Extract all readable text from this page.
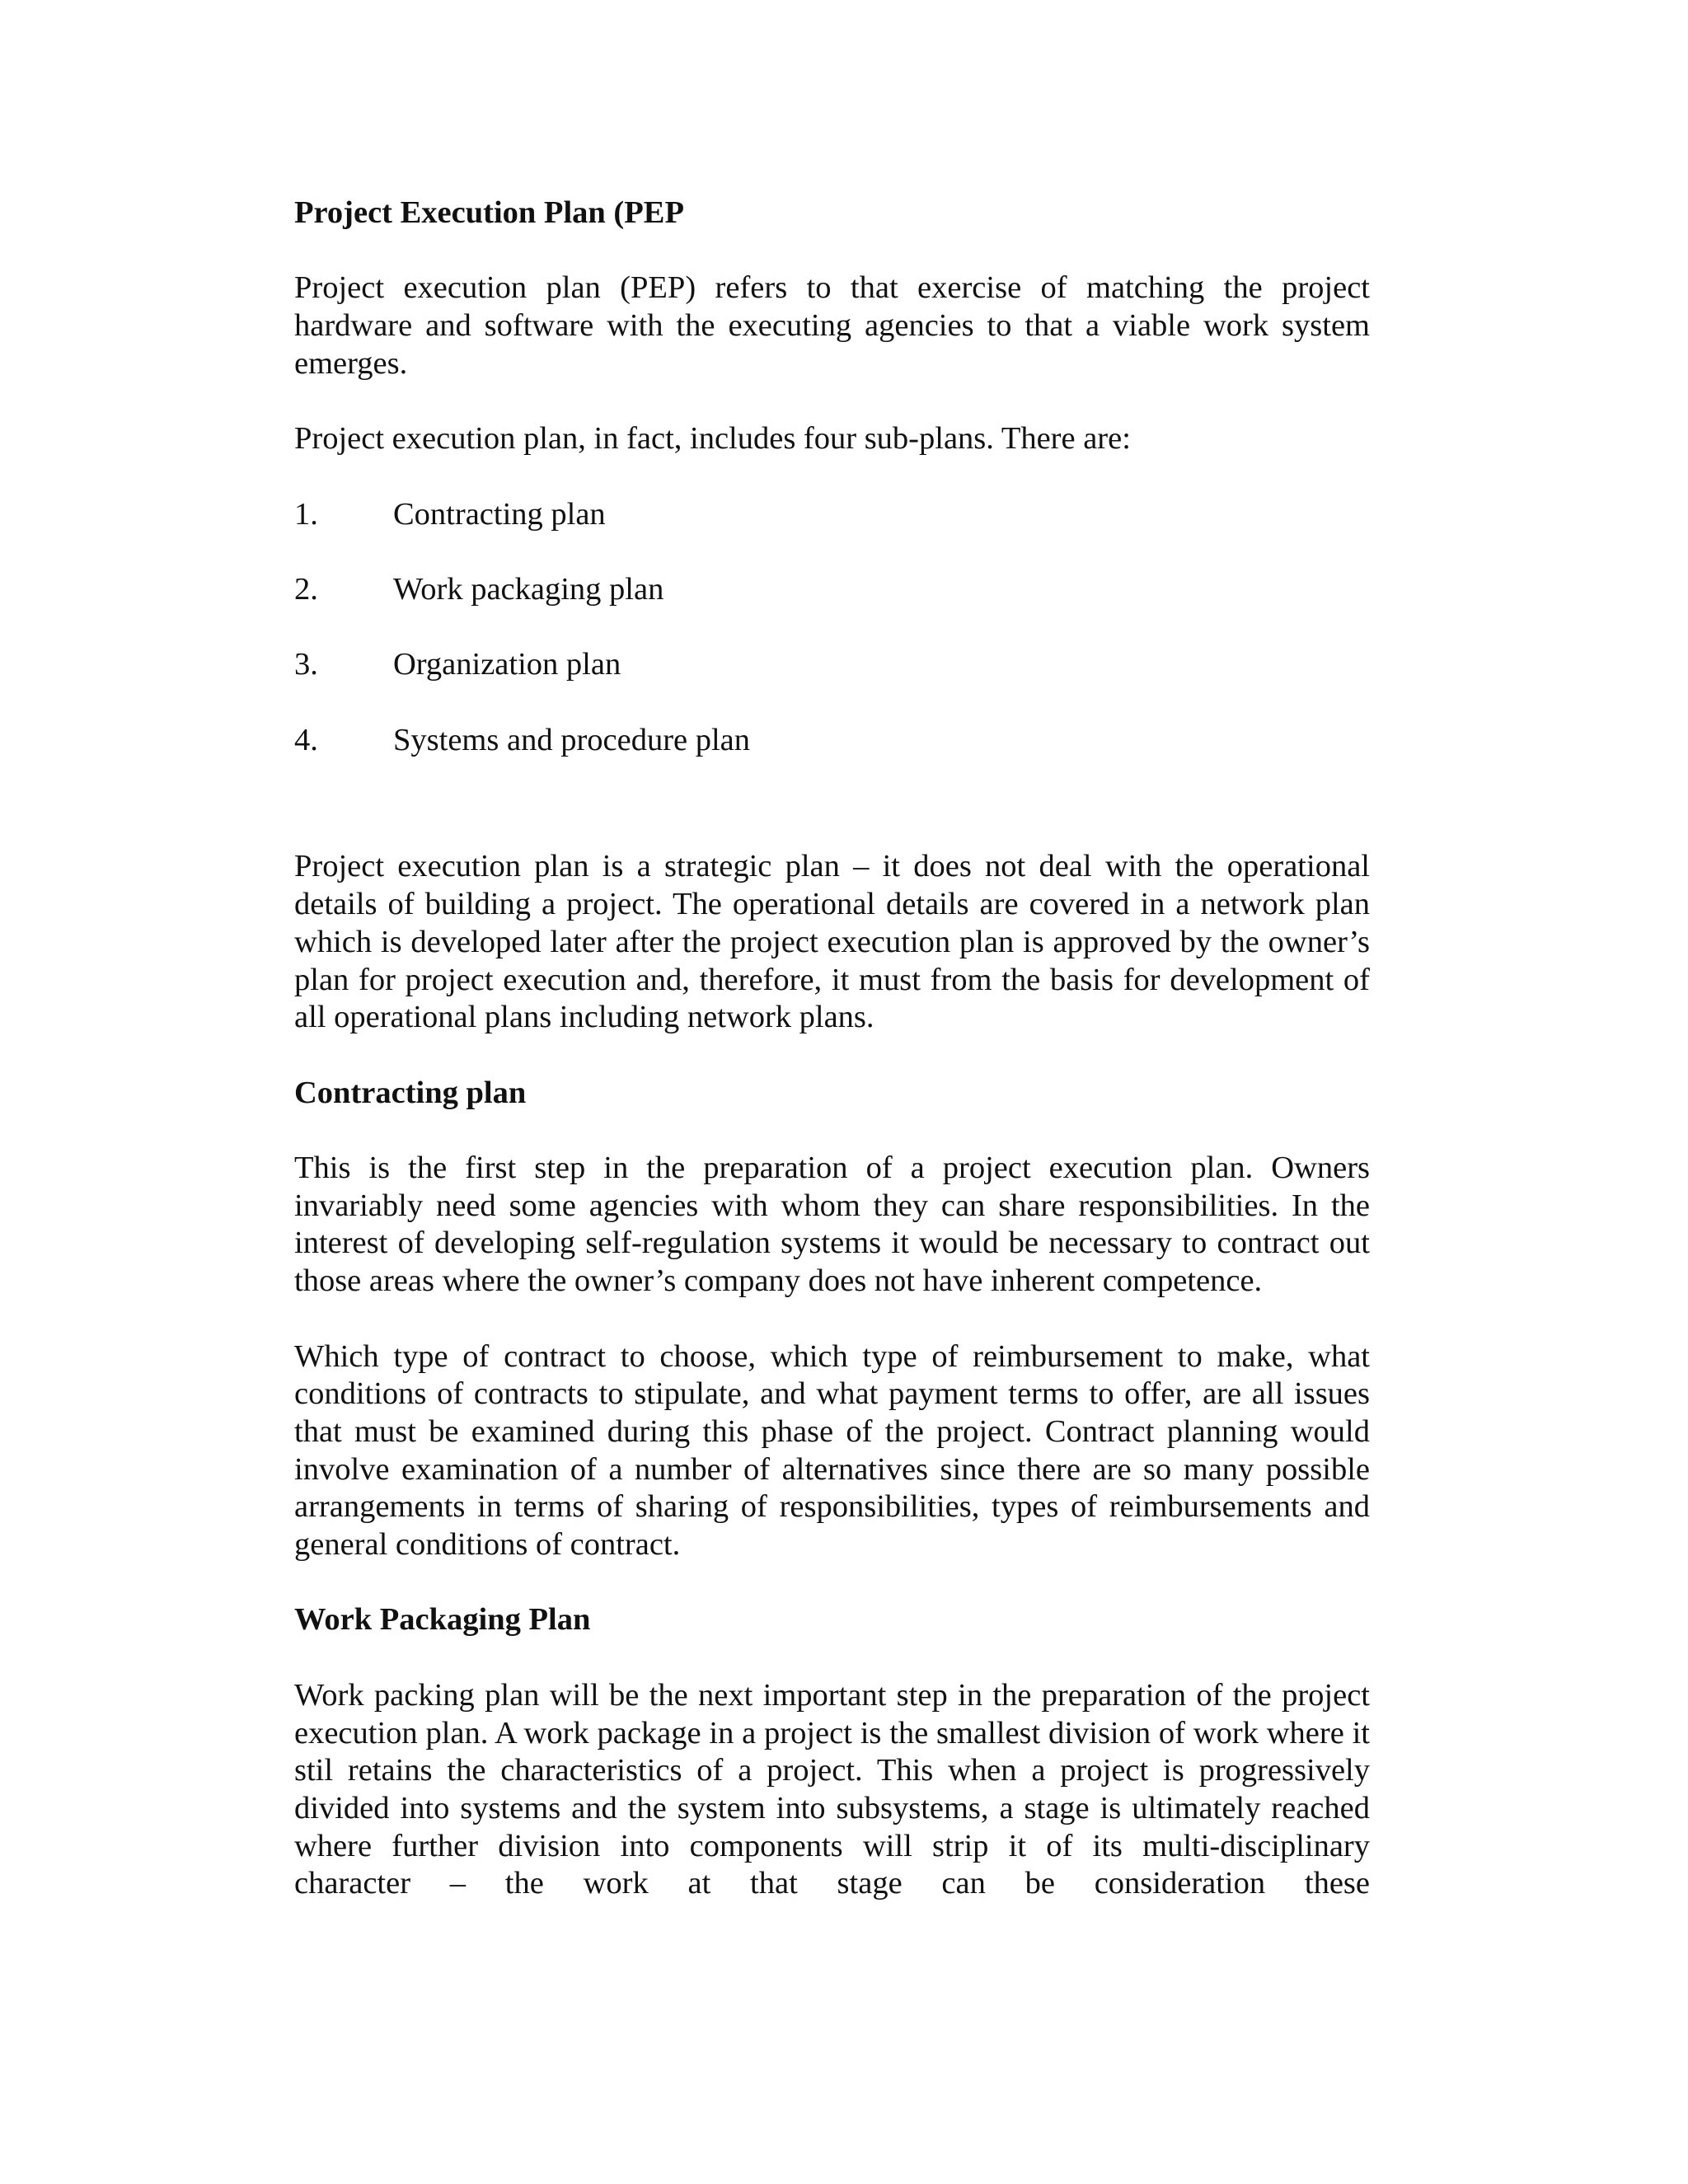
Project Execution Plan (PEP

Project execution plan (PEP) refers to that exercise of matching the project hardware and software with the executing agencies to that a viable work system emerges.

Project execution plan, in fact, includes four sub-plans. There are:

1.	Contracting plan
2.	Work packaging plan
3.	Organization plan
4.	Systems and procedure plan

Project execution plan is a strategic plan – it does not deal with the operational details of building a project. The operational details are covered in a network plan which is developed later after the project execution plan is approved by the owner’s plan for project execution and, therefore, it must from the basis for development of all operational plans including network plans.

Contracting plan

This is the first step in the preparation of a project execution plan. Owners invariably need some agencies with whom they can share responsibilities. In the interest of developing self-regulation systems it would be necessary to contract out those areas where the owner’s company does not have inherent competence.

Which type of contract to choose, which type of reimbursement to make, what conditions of contracts to stipulate, and what payment terms to offer, are all issues that must be examined during this phase of the project. Contract planning would involve examination of a number of alternatives since there are so many possible arrangements in terms of sharing of responsibilities, types of reimbursements and general conditions of contract.

Work Packaging Plan

Work packing plan will be the next important step in the preparation of the project execution plan. A work package in a project is the smallest division of work where it stil retains the characteristics of a project. This when a project is progressively divided into systems and the system into subsystems, a stage is ultimately reached where further division into components will strip it of its multi-disciplinary character – the work at that stage can be consideration these
